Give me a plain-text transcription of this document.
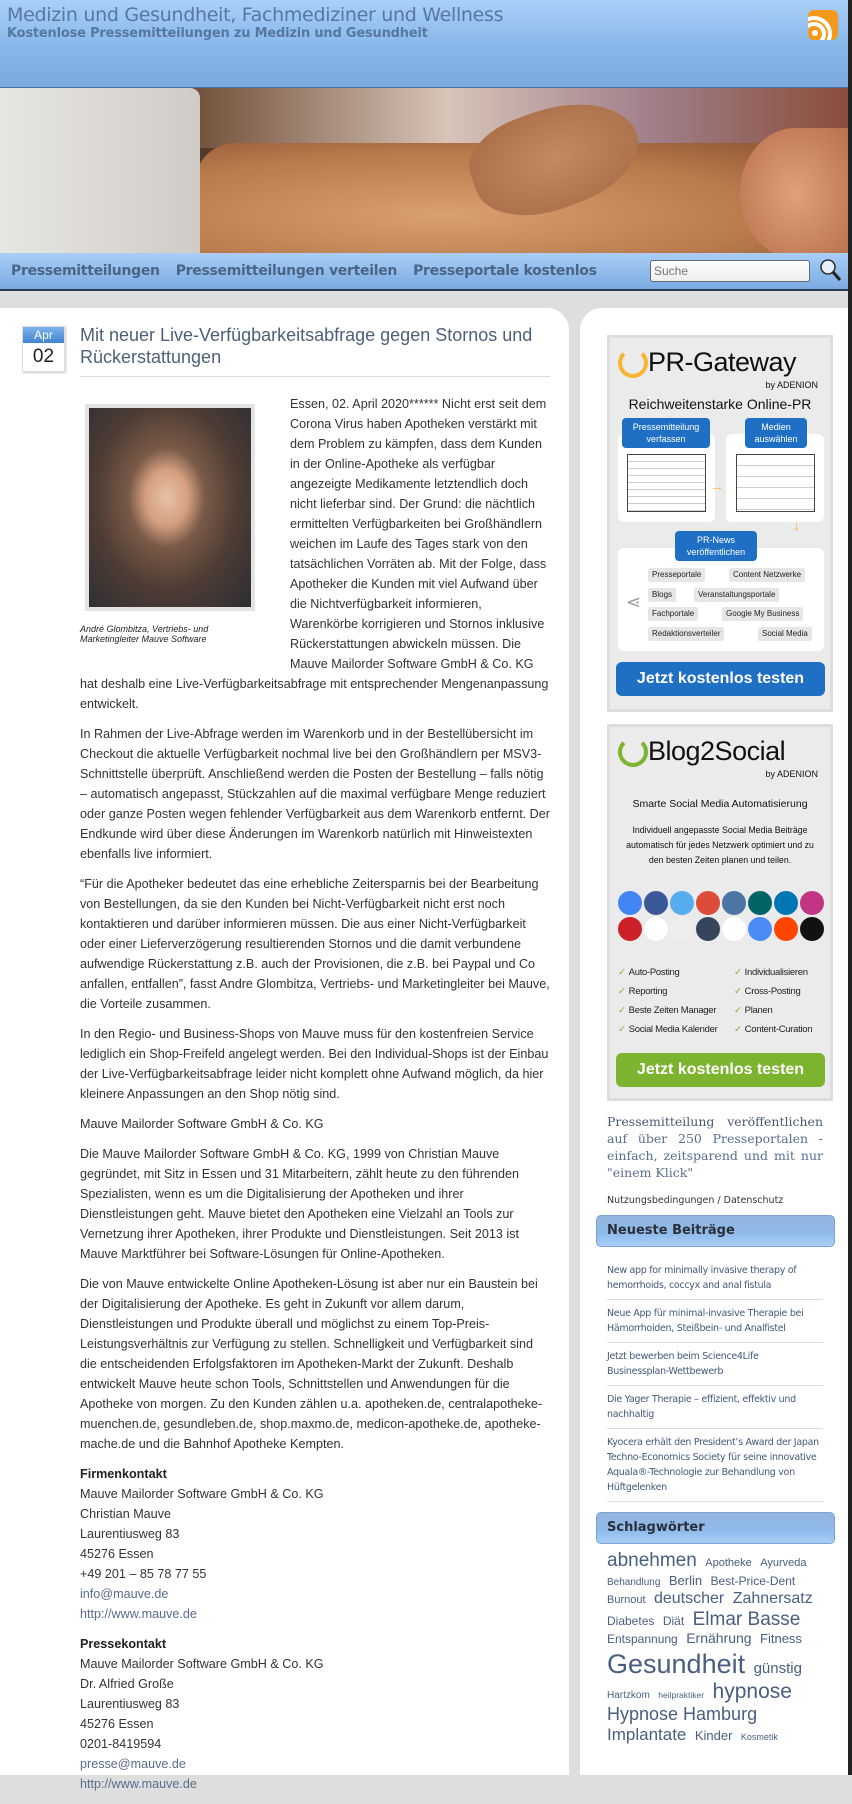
Medizin und Gesundheit, Fachmediziner und Wellness
Kostenlose Pressemitteilungen zu Medizin und Gesundheit
Pressemitteilungen Pressemitteilungen verteilen Presseportale kostenlos
Suche
Apr
02
Mit neuer Live-Verfügbarkeitsabfrage gegen Stornos und Rückerstattungen
André Glombitza, Vertriebs- und Marketingleiter Mauve Software

Essen, 02. April 2020****** Nicht erst seit dem Corona Virus haben Apotheken verstärkt mit dem Problem zu kämpfen, dass dem Kunden in der Online-Apotheke als verfügbar angezeigte Medikamente letztendlich doch nicht lieferbar sind. Der Grund: die nächtlich ermittelten Verfügbarkeiten bei Großhändlern weichen im Laufe des Tages stark von den tatsächlichen Vorräten ab. Mit der Folge, dass Apotheker die Kunden mit viel Aufwand über die Nichtverfügbarkeit informieren, Warenkörbe korrigieren und Stornos inklusive Rückerstattungen abwickeln müssen. Die Mauve Mailorder Software GmbH & Co. KG hat deshalb eine Live-Verfügbarkeitsabfrage mit entsprechender Mengenanpassung entwickelt.

In Rahmen der Live-Abfrage werden im Warenkorb und in der Bestellübersicht im Checkout die aktuelle Verfügbarkeit nochmal live bei den Großhändlern per MSV3-Schnittstelle überprüft. Anschließend werden die Posten der Bestellung – falls nötig – automatisch angepasst, Stückzahlen auf die maximal verfügbare Menge reduziert oder ganze Posten wegen fehlender Verfügbarkeit aus dem Warenkorb entfernt. Der Endkunde wird über diese Änderungen im Warenkorb natürlich mit Hinweistexten ebenfalls live informiert.

“Für die Apotheker bedeutet das eine erhebliche Zeitersparnis bei der Bearbeitung von Bestellungen, da sie den Kunden bei Nicht-Verfügbarkeit nicht erst noch kontaktieren und darüber informieren müssen. Die aus einer Nicht-Verfügbarkeit oder einer Lieferverzögerung resultierenden Stornos und die damit verbundene aufwendige Rückerstattung z.B. auch der Provisionen, die z.B. bei Paypal und Co anfallen, entfallen”, fasst Andre Glombitza, Vertriebs- und Marketingleiter bei Mauve, die Vorteile zusammen.

In den Regio- und Business-Shops von Mauve muss für den kostenfreien Service lediglich ein Shop-Freifeld angelegt werden. Bei den Individual-Shops ist der Einbau der Live-Verfügbarkeitsabfrage leider nicht komplett ohne Aufwand möglich, da hier kleinere Anpassungen an den Shop nötig sind.

Mauve Mailorder Software GmbH & Co. KG

Die Mauve Mailorder Software GmbH & Co. KG, 1999 von Christian Mauve gegründet, mit Sitz in Essen und 31 Mitarbeitern, zählt heute zu den führenden Spezialisten, wenn es um die Digitalisierung der Apotheken und ihrer Dienstleistungen geht. Mauve bietet den Apotheken eine Vielzahl an Tools zur Vernetzung ihrer Apotheken, ihrer Produkte und Dienstleistungen. Seit 2013 ist Mauve Marktführer bei Software-Lösungen für Online-Apotheken.

Die von Mauve entwickelte Online Apotheken-Lösung ist aber nur ein Baustein bei der Digitalisierung der Apotheke. Es geht in Zukunft vor allem darum, Dienstleistungen und Produkte überall und möglichst zu einem Top-Preis-Leistungsverhältnis zur Verfügung zu stellen. Schnelligkeit und Verfügbarkeit sind die entscheidenden Erfolgsfaktoren im Apotheken-Markt der Zukunft. Deshalb entwickelt Mauve heute schon Tools, Schnittstellen und Anwendungen für die Apotheke von morgen. Zu den Kunden zählen u.a. apotheken.de, centralapotheke-muenchen.de, gesundleben.de, shop.maxmo.de, medicon-apotheke.de, apotheke-mache.de und die Bahnhof Apotheke Kempten.

Firmenkontakt
Mauve Mailorder Software GmbH & Co. KG
Christian Mauve
Laurentiusweg 83
45276 Essen
+49 201 – 85 78 77 55
info@mauve.de
http://www.mauve.de

Pressekontakt
Mauve Mailorder Software GmbH & Co. KG
Dr. Alfried Große
Laurentiusweg 83
45276 Essen
0201-8419594
presse@mauve.de
http://www.mauve.de

PR-Gateway
by ADENION
Reichweitenstarke Online-PR
Pressemitteilung verfassen
Medien auswählen
→
↓
PR-News veröffentlichen
⋖
Presseportale	Content Netzwerke
Blogs	Veranstaltungsportale
Fachportale	Google My Business
Redaktionsverteiler	Social Media
Jetzt kostenlos testen
Blog2Social
by ADENION
Smarte Social Media Automatisierung
Individuell angepasste Social Media Beiträge automatisch für jedes Netzwerk optimiert und zu den besten Zeiten planen und teilen.
✓ Auto-Posting
✓ Reporting
✓ Beste Zeiten Manager
✓ Social Media Kalender
✓ Individualisieren
✓ Cross-Posting
✓ Planen
✓ Content-Curation
Jetzt kostenlos testen
Pressemitteilung veröffentlichen auf über 250 Presseportalen - einfach, zeitsparend und mit nur "einem Klick"
Nutzungsbedingungen / Datenschutz
Neueste Beiträge
New app for minimally invasive therapy of hemorrhoids, coccyx and anal fistula
Neue App für minimal-invasive Therapie bei Hämorrhoiden, Steißbein- und Analfistel
Jetzt bewerben beim Science4Life Businessplan-Wettbewerb
Die Yager Therapie – effizient, effektiv und nachhaltig
Kyocera erhält den President’s Award der Japan Techno-Economics Society für seine innovative Aquala®-Technologie zur Behandlung von Hüftgelenken
Schlagwörter
abnehmen Apotheke Ayurveda Behandlung Berlin Best-Price-Dent Burnout deutscher Zahnersatz Diabetes Diät Elmar Basse Entspannung Ernährung Fitness Gesundheit günstig Hartzkom heilpraktiker hypnose Hypnose Hamburg Implantate Kinder Kosmetik
